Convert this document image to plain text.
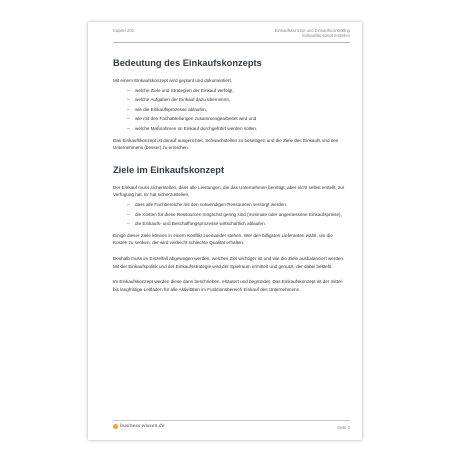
Kapitel 202	Einkaufskonzept und Einkaufscontrolling
Einkaufskonzept erstellen
Bedeutung des Einkaufskonzepts

Mit einem Einkaufskonzept wird geplant und dokumentiert,

– welche Ziele und Strategien der Einkauf verfolgt,
– welche Aufgaben der Einkauf dazu übernimmt,
– wie die Einkaufsprozesse ablaufen,
– wie mit den Fachabteilungen zusammengearbeitet wird und
– welche Maßnahmen im Einkauf durchgeführt werden sollen.

Das Einkaufskonzept ist darauf ausgerichtet, Schwachstellen zu beseitigen und die Ziele des Einkaufs und des Unternehmens (besser) zu erreichen.

Ziele im Einkaufskonzept

Der Einkauf muss sicherstellen, dass alle Leistungen, die das Unternehmen benötigt, aber nicht selbst erstellt, zur Verfügung hat. Er hat sicherzustellen,

– dass alle Fachbereiche mit den notwendigen Ressourcen versorgt werden,
– die Kosten für diese Ressourcen möglichst gering sind (minimale oder angemessene Einkaufspreise),
– die Einkaufs- und Beschaffungsprozesse wirtschaftlich ablaufen.

Einige dieser Ziele können in einem Konflikt zueinander stehen. Wer den billigsten Lieferanten wählt, um die Kosten zu senken, der wird vielleicht schlechte Qualität erhalten.

Deshalb muss im Einzelfall abgewogen werden, welches Ziel wichtiger ist und wie die Ziele ausbalanciert werden. Mit der Einkaufspolitik und der Einkaufsstrategie wird der Spielraum ermittelt und genutzt, der dabei besteht.

Im Einkaufskonzept werden diese dann beschrieben, erläutert und begründet. Das Einkaufskonzept ist der mittel- bis langfristige Leitfaden für alle Aktivitäten im Funktionsbereich Einkauf des Unternehmens.

business-wissen.de	Seite 3
